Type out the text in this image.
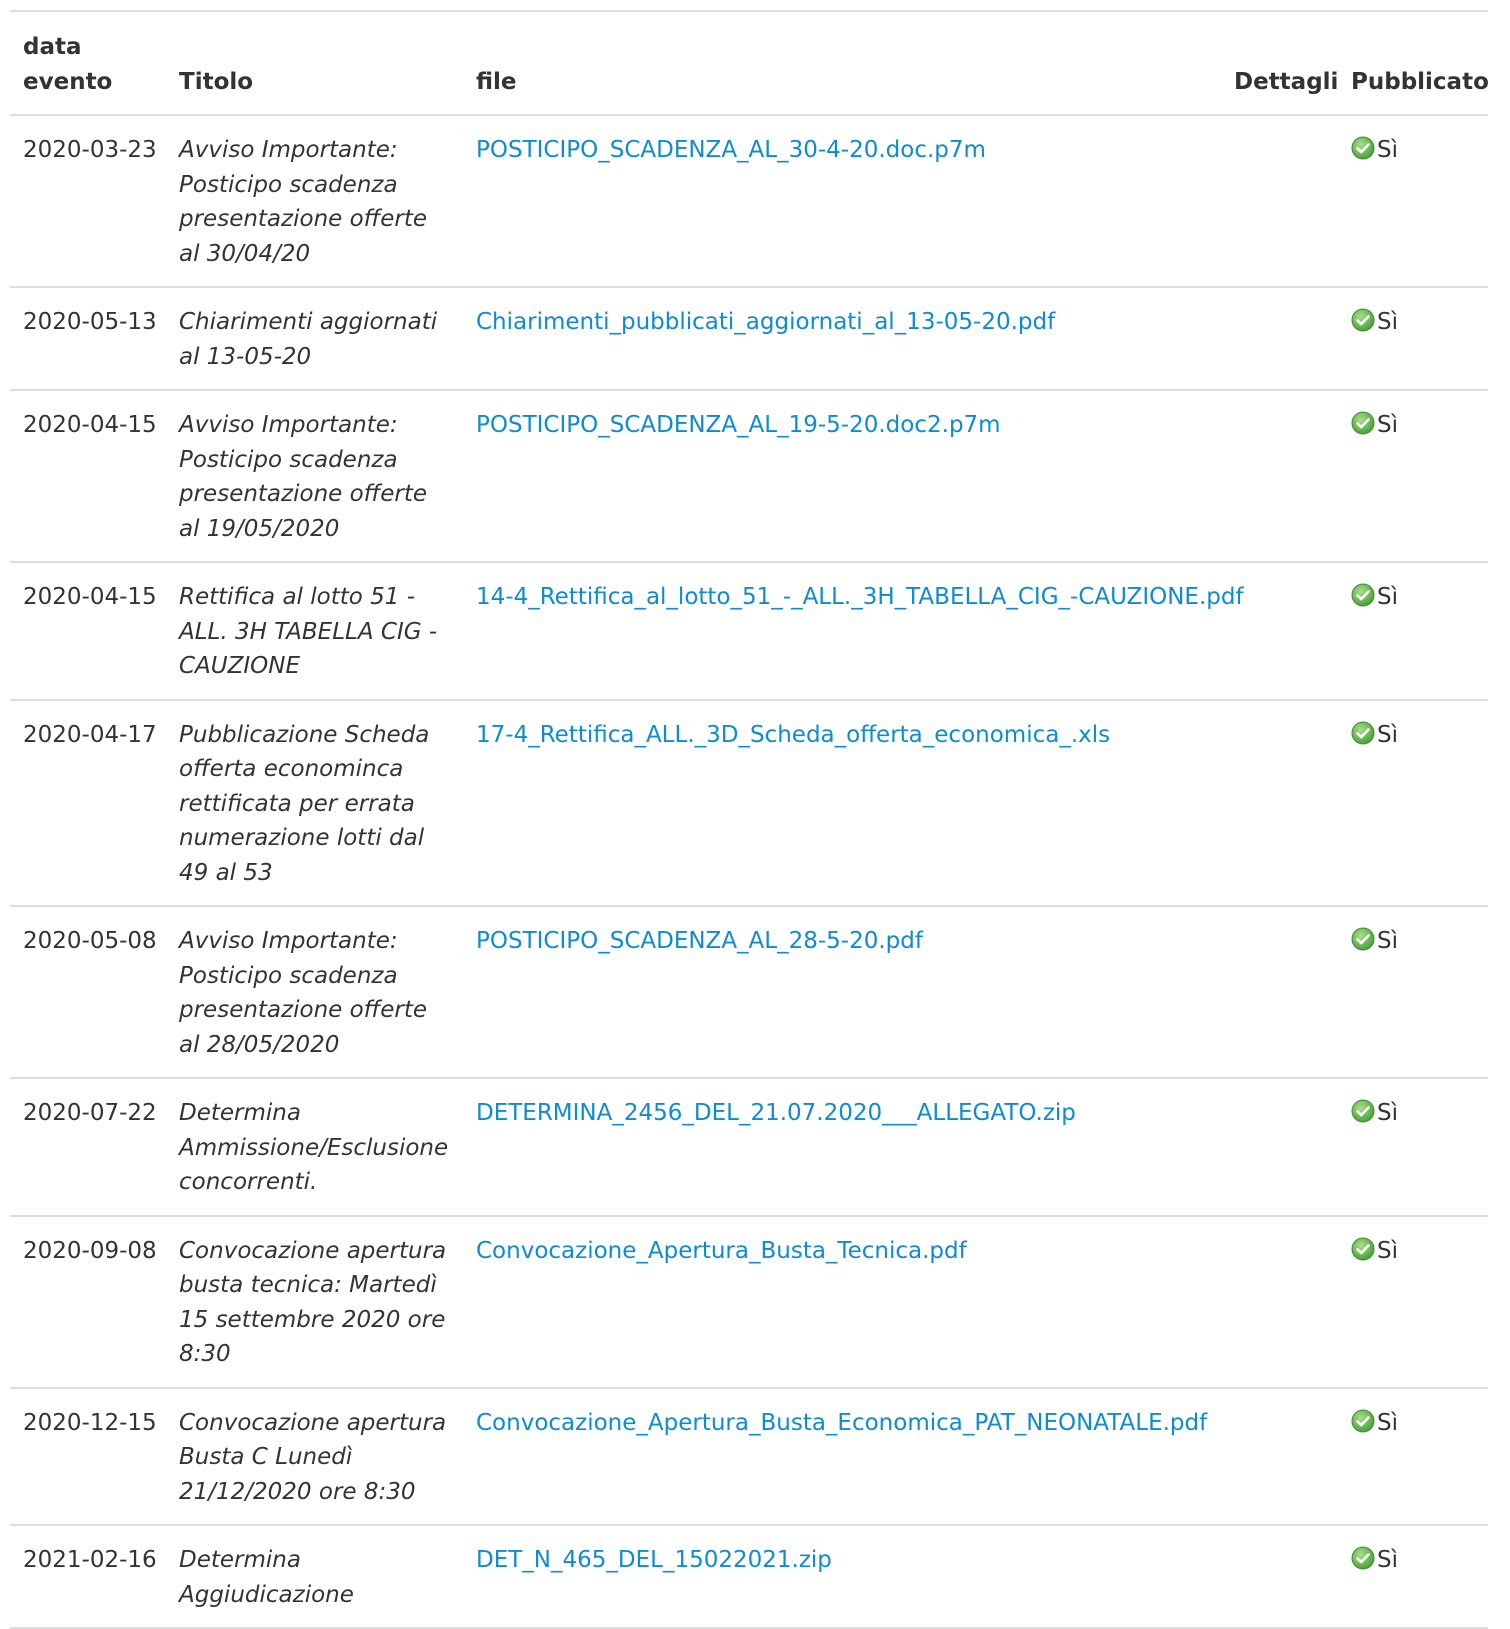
data evento	Titolo	file	Dettagli	Pubblicato
2020-03-23	Avviso Importante: Posticipo scadenza presentazione offerte al 30/04/20	POSTICIPO_SCADENZA_AL_30-4-20.doc.p7m		Sì
2020-05-13	Chiarimenti aggiornati al 13-05-20	Chiarimenti_pubblicati_aggiornati_al_13-05-20.pdf		Sì
2020-04-15	Avviso Importante: Posticipo scadenza presentazione offerte al 19/05/2020	POSTICIPO_SCADENZA_AL_19-5-20.doc2.p7m		Sì
2020-04-15	Rettifica al lotto 51 - ALL. 3H TABELLA CIG - CAUZIONE	14-4_Rettifica_al_lotto_51_-_ALL._3H_TABELLA_CIG_-CAUZIONE.pdf		Sì
2020-04-17	Pubblicazione Scheda offerta econominca rettificata per errata numerazione lotti dal 49 al 53	17-4_Rettifica_ALL._3D_Scheda_offerta_economica_.xls		Sì
2020-05-08	Avviso Importante: Posticipo scadenza presentazione offerte al 28/05/2020	POSTICIPO_SCADENZA_AL_28-5-20.pdf		Sì
2020-07-22	Determina Ammissione/Esclusione concorrenti.	DETERMINA_2456_DEL_21.07.2020___ALLEGATO.zip		Sì
2020-09-08	Convocazione apertura busta tecnica: Martedì 15 settembre 2020 ore 8:30	Convocazione_Apertura_Busta_Tecnica.pdf		Sì
2020-12-15	Convocazione apertura Busta C Lunedì 21/12/2020 ore 8:30	Convocazione_Apertura_Busta_Economica_PAT_NEONATALE.pdf		Sì
2021-02-16	Determina Aggiudicazione	DET_N_465_DEL_15022021.zip		Sì
